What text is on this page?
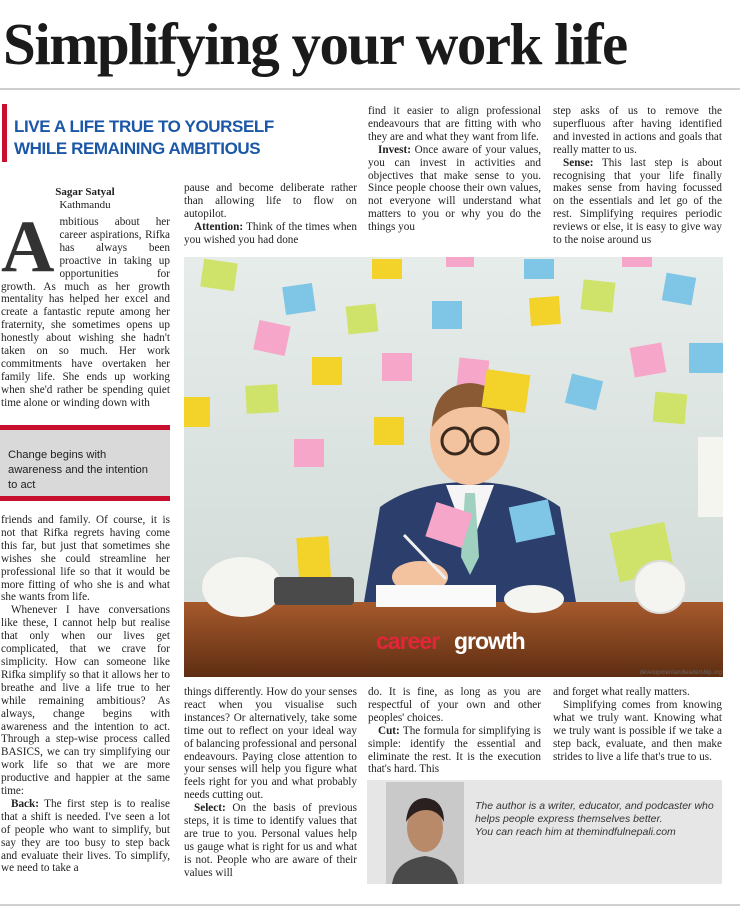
Simplifying your work life
LIVE A LIFE TRUE TO YOURSELF
WHILE REMAINING AMBITIOUS
Sagar Satyal
Kathmandu
A mbitious about her career aspirations, Rifka has always been proactive in taking up opportunities for growth. As much as her growth mentality has helped her excel and create a fantastic repute among her fraternity, she sometimes opens up honestly about wishing she hadn't taken on so much. Her work commitments have overtaken her family life. She ends up working when she'd rather be spending quiet time alone or winding down with

Change begins with awareness and the intention to act

friends and family. Of course, it is not that Rifka regrets having come this far, but just that sometimes she wishes she could streamline her professional life so that it would be more fitting of who she is and what she wants from life.

Whenever I have conversations like these, I cannot help but realise that only when our lives get complicated, that we crave for simplicity. How can someone like Rifka simplify so that it allows her to breathe and live a life true to her while remaining ambitious? As always, change begins with awareness and the intention to act. Through a step-wise process called BASICS, we can try simplifying our work life so that we are more productive and happier at the same time:

Back: The first step is to realise that a shift is needed. I've seen a lot of people who want to simplify, but say they are too busy to step back and evaluate their lives. To simplify, we need to take a

pause and become deliberate rather than allowing life to flow on autopilot.

Attention: Think of the times when you wished you had done

find it easier to align professional endeavours that are fitting with who they are and what they want from life.

Invest: Once aware of your values, you can invest in activities and objectives that make sense to you. Since people choose their own values, not everyone will understand what matters to you or why you do the things you

step asks of us to remove the superfluous after having identified and invested in actions and goals that really matter to us.

Sense: This last step is about recognising that your life finally makes sense from having focussed on the essentials and let go of the rest. Simplifying requires periodic reviews or else, it is easy to give way to the noise around us

career growth
developmentandleadership.org

things differently. How do your senses react when you visualise such instances? Or alternatively, take some time out to reflect on your ideal way of balancing professional and personal endeavours. Paying close attention to your senses will help you figure what feels right for you and what probably needs cutting out.

Select: On the basis of previous steps, it is time to identify values that are true to you. Personal values help us gauge what is right for us and what is not. People who are aware of their values will

do. It is fine, as long as you are respectful of your own and other peoples' choices.

Cut: The formula for simplifying is simple: identify the essential and eliminate the rest. It is the execution that's hard. This

and forget what really matters.

Simplifying comes from knowing what we truly want. Knowing what we truly want is possible if we take a step back, evaluate, and then make strides to live a life that's true to us.

The author is a writer, educator, and podcaster who
helps people express themselves better.
You can reach him at themindfulnepali.com
